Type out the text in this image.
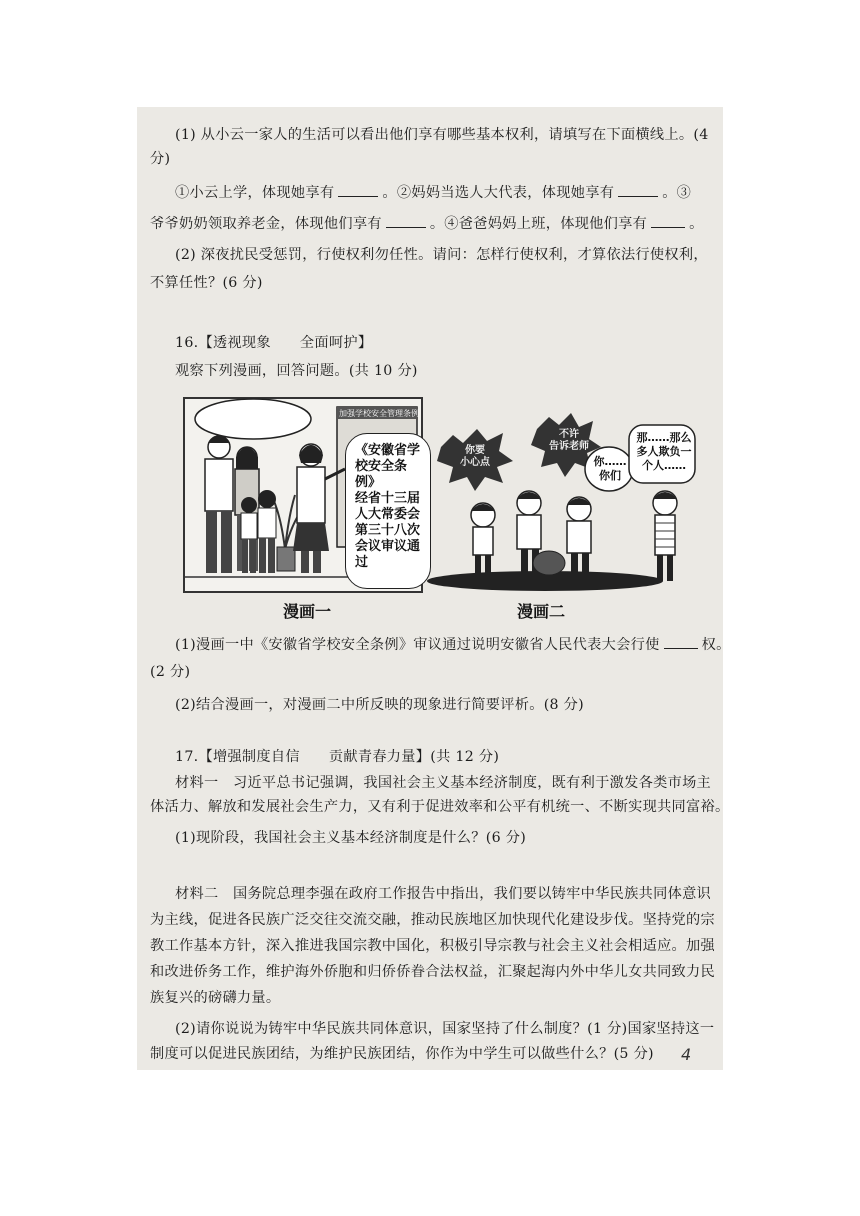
(1) 从小云一家人的生活可以看出他们享有哪些基本权利，请填写在下面横线上。(4
分)
①小云上学，体现她享有	。②妈妈当选人大代表，体现她享有	。③
爷爷奶奶领取养老金，体现他们享有	。④爸爸妈妈上班，体现他们享有	。
(2) 深夜扰民受惩罚，行使权利勿任性。请问：怎样行使权利，才算依法行使权利，
不算任性？(6 分)

16.【透视现象　　全面呵护】
观察下列漫画，回答问题。(共 10 分)
加强学校安全管理条例
《安徽省学
校安全条例》
经省十三届
人大常委会
第三十八次
会议审议通
过
漫画一
你要
小心点
不许
告诉老师
你……
你们
那……那么
多人欺负一
个人……
漫画二
(1)漫画一中《安徽省学校安全条例》审议通过说明安徽省人民代表大会行使	权。
(2 分)
(2)结合漫画一，对漫画二中所反映的现象进行简要评析。(8 分)
17.【增强制度自信　　贡献青春力量】(共 12 分)
材料一　习近平总书记强调，我国社会主义基本经济制度，既有利于激发各类市场主
体活力、解放和发展社会生产力，又有利于促进效率和公平有机统一、不断实现共同富裕。
(1)现阶段，我国社会主义基本经济制度是什么？(6 分)
材料二　国务院总理李强在政府工作报告中指出，我们要以铸牢中华民族共同体意识
为主线，促进各民族广泛交往交流交融，推动民族地区加快现代化建设步伐。坚持党的宗
教工作基本方针，深入推进我国宗教中国化，积极引导宗教与社会主义社会相适应。加强
和改进侨务工作，维护海外侨胞和归侨侨眷合法权益，汇聚起海内外中华儿女共同致力民
族复兴的磅礴力量。
(2)请你说说为铸牢中华民族共同体意识，国家坚持了什么制度？(1 分)国家坚持这一
制度可以促进民族团结，为维护民族团结，你作为中学生可以做些什么？(5 分) 4
